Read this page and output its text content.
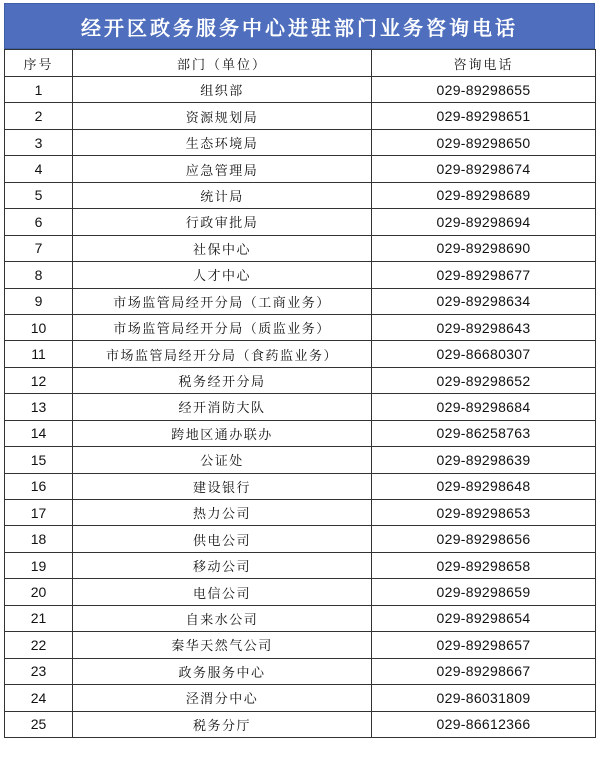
经开区政务服务中心进驻部门业务咨询电话
序号	部门（单位）	咨询电话
1	组织部	029-89298655
2	资源规划局	029-89298651
3	生态环境局	029-89298650
4	应急管理局	029-89298674
5	统计局	029-89298689
6	行政审批局	029-89298694
7	社保中心	029-89298690
8	人才中心	029-89298677
9	市场监管局经开分局（工商业务）	029-89298634
10	市场监管局经开分局（质监业务）	029-89298643
11	市场监管局经开分局（食药监业务）	029-86680307
12	税务经开分局	029-89298652
13	经开消防大队	029-89298684
14	跨地区通办联办	029-86258763
15	公证处	029-89298639
16	建设银行	029-89298648
17	热力公司	029-89298653
18	供电公司	029-89298656
19	移动公司	029-89298658
20	电信公司	029-89298659
21	自来水公司	029-89298654
22	秦华天然气公司	029-89298657
23	政务服务中心	029-89298667
24	泾渭分中心	029-86031809
25	税务分厅	029-86612366
